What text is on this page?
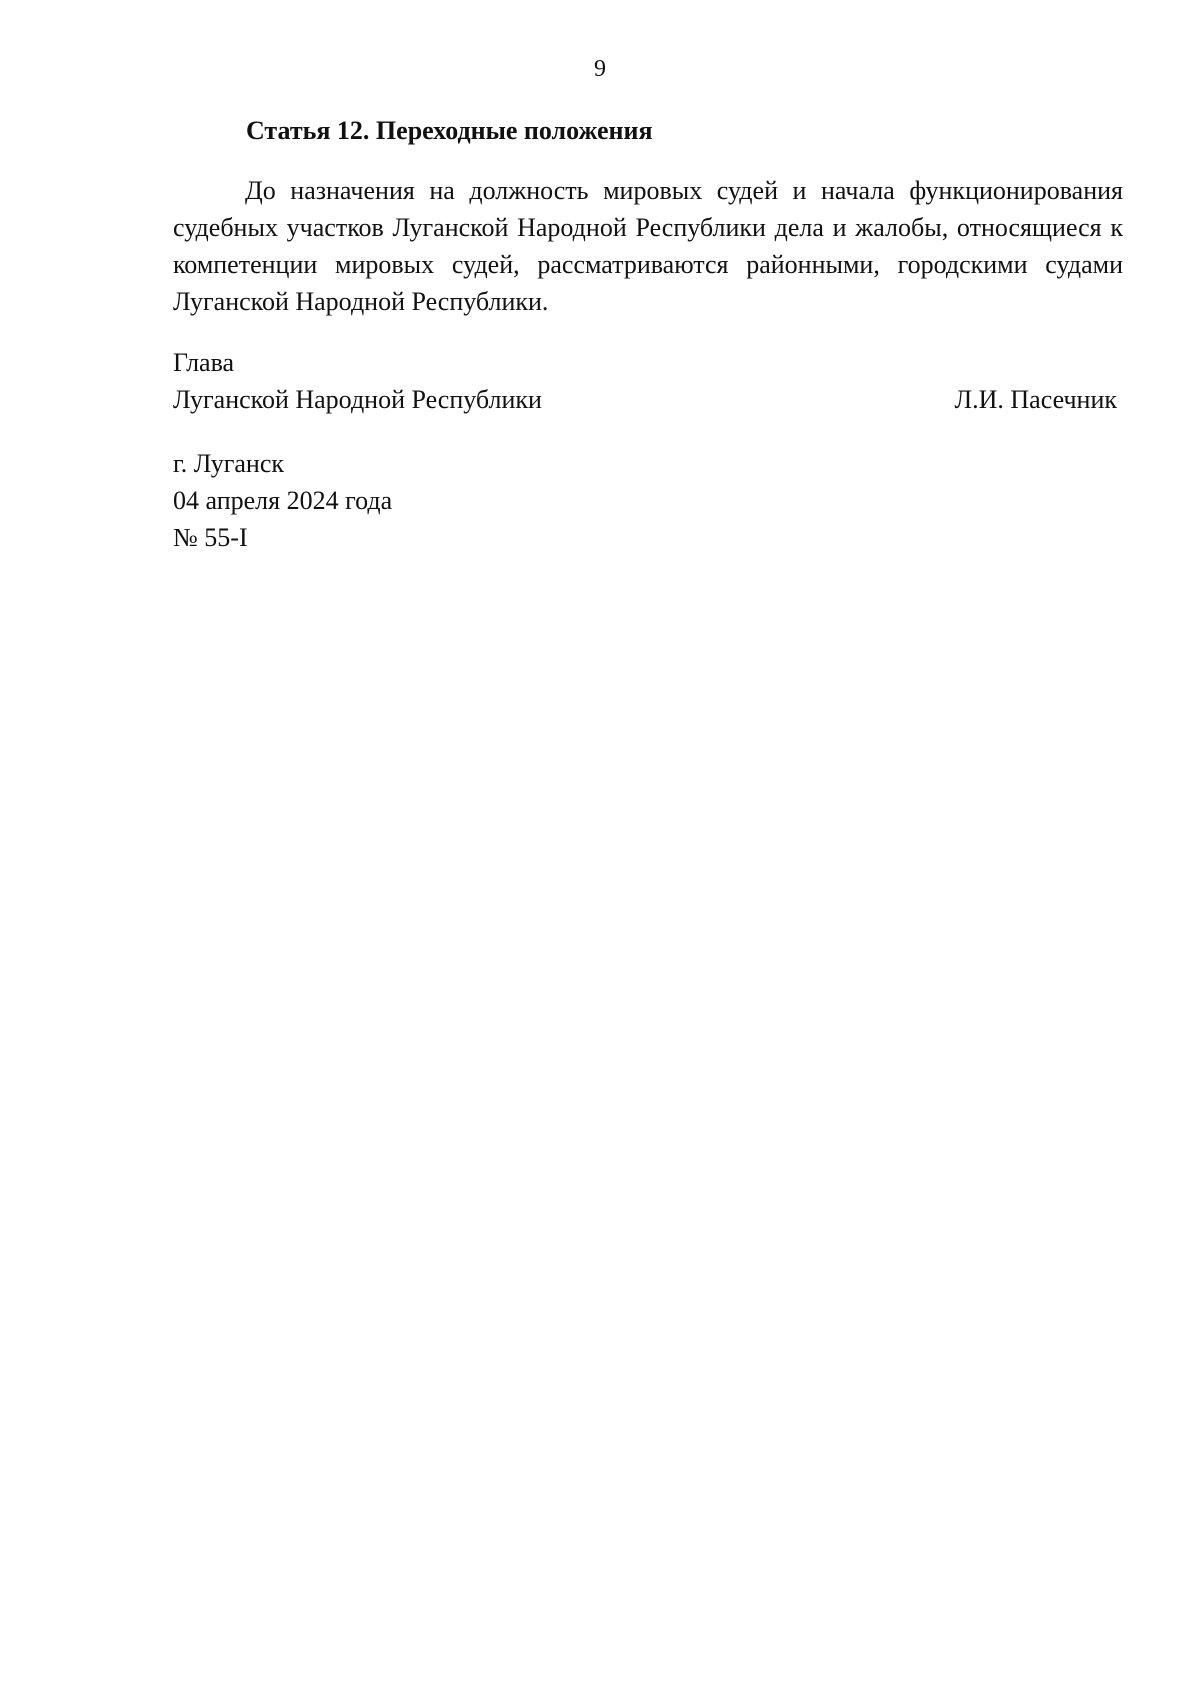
9
Статья 12. Переходные положения

До назначения на должность мировых судей и начала функционирования судебных участков Луганской Народной Республики дела и жалобы, относящиеся к компетенции мировых судей, рассматриваются районными, городскими судами Луганской Народной Республики.

Глава
Луганской Народной Республики	Л.И. Пасечник
г. Луганск
04 апреля 2024 года
№ 55-I
